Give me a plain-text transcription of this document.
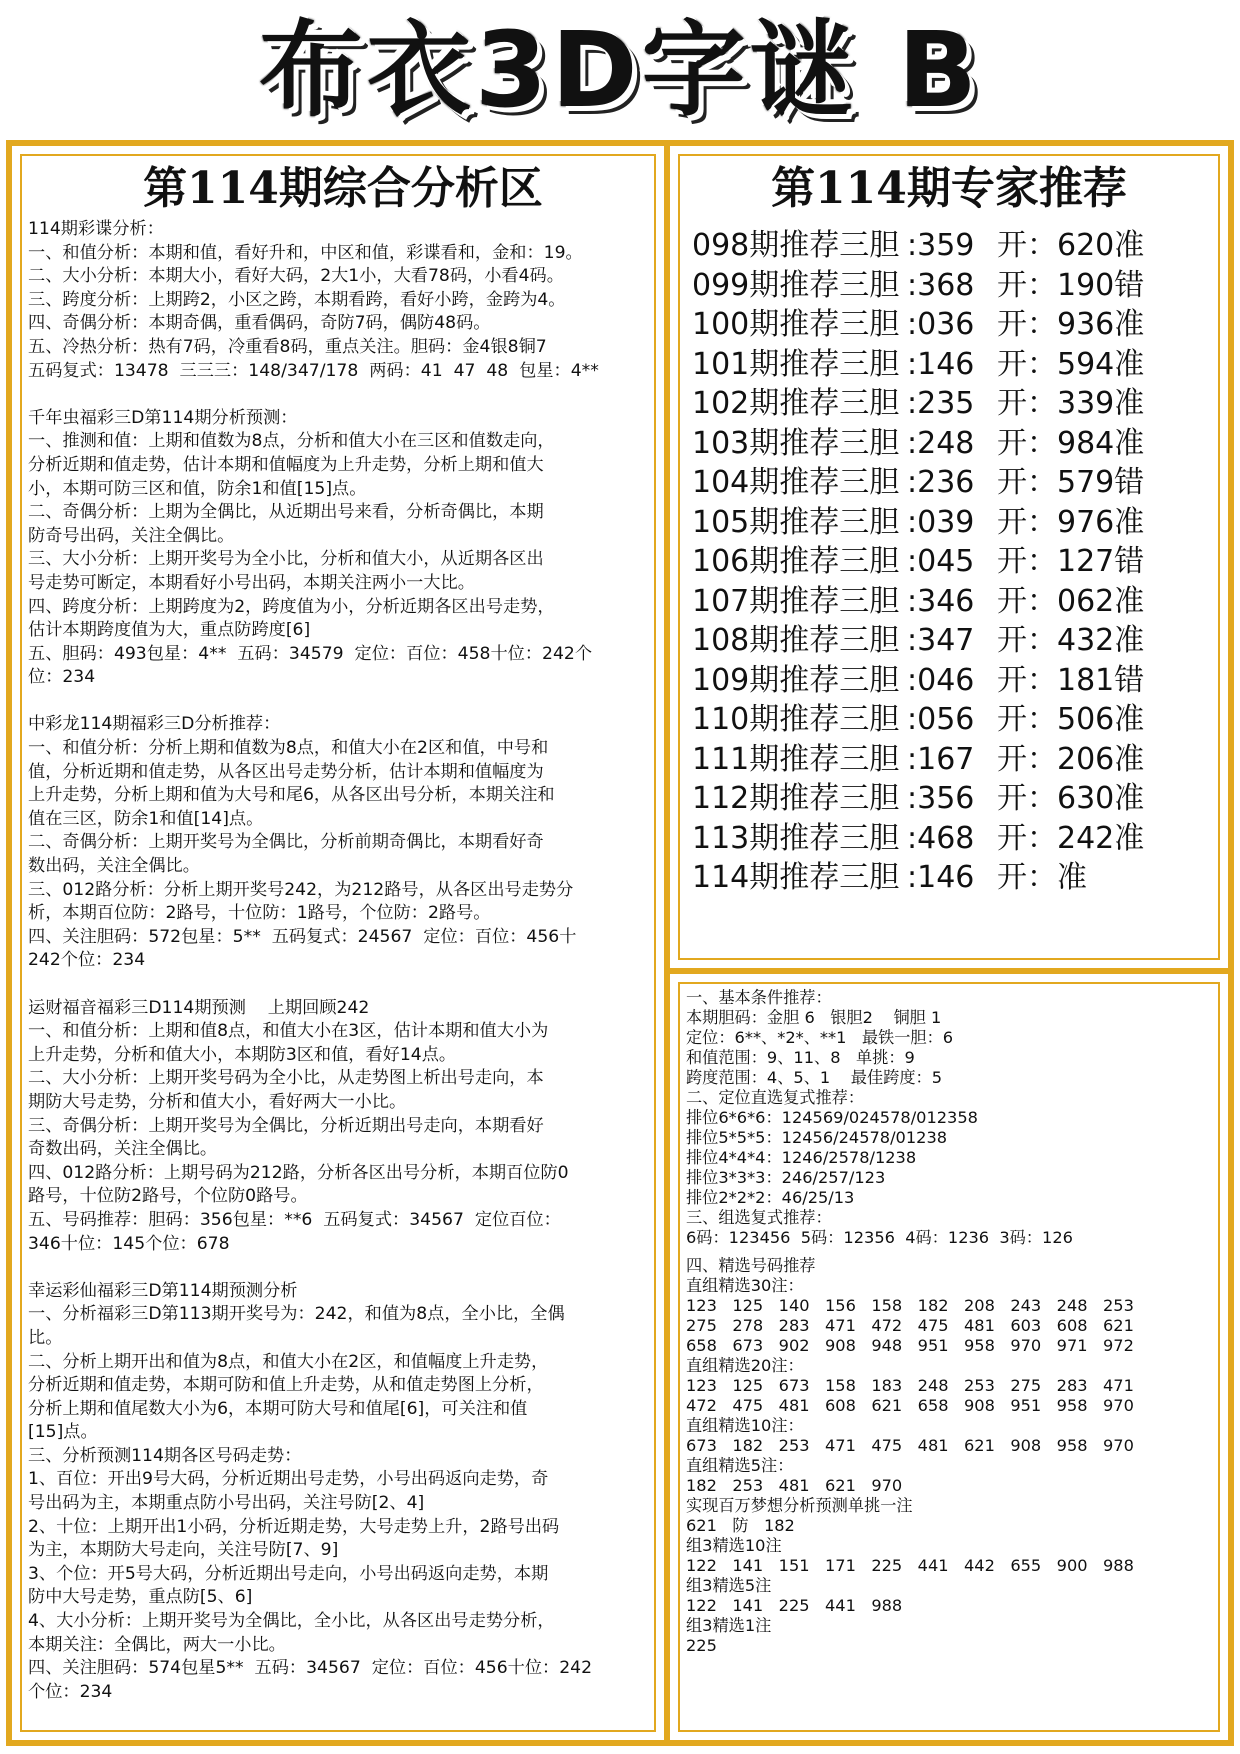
布衣3D字谜 B
第114期综合分析区

114期彩谍分析：

一、和值分析：本期和值，看好升和，中区和值，彩谍看和，金和：19。

二、大小分析：本期大小，看好大码，2大1小，大看78码，小看4码。

三、跨度分析：上期跨2，小区之跨，本期看跨，看好小跨，金跨为4。

四、奇偶分析：本期奇偶，重看偶码，奇防7码，偶防48码。

五、冷热分析：热有7码，冷重看8码，重点关注。胆码：金4银8铜7

五码复式：13478  三三三：148/347/178  两码：41  47  48  包星：4**

千年虫福彩三D第114期分析预测：

一、推测和值：上期和值数为8点，分析和值大小在三区和值数走向，

分析近期和值走势，估计本期和值幅度为上升走势，分析上期和值大

小，本期可防三区和值，防余1和值[15]点。

二、奇偶分析：上期为全偶比，从近期出号来看，分析奇偶比，本期

防奇号出码，关注全偶比。

三、大小分析：上期开奖号为全小比，分析和值大小，从近期各区出

号走势可断定，本期看好小号出码，本期关注两小一大比。

四、跨度分析：上期跨度为2，跨度值为小，分析近期各区出号走势，

估计本期跨度值为大，重点防跨度[6]

五、胆码：493包星：4**  五码：34579  定位：百位：458十位：242个

位：234

中彩龙114期福彩三D分析推荐：

一、和值分析：分析上期和值数为8点，和值大小在2区和值，中号和

值，分析近期和值走势，从各区出号走势分析，估计本期和值幅度为

上升走势，分析上期和值为大号和尾6，从各区出号分析，本期关注和

值在三区，防余1和值[14]点。

二、奇偶分析：上期开奖号为全偶比，分析前期奇偶比，本期看好奇

数出码，关注全偶比。

三、012路分析：分析上期开奖号242，为212路号，从各区出号走势分

析，本期百位防：2路号，十位防：1路号，个位防：2路号。

四、关注胆码：572包星：5**  五码复式：24567  定位：百位：456十

242个位：234

运财福音福彩三D114期预测    上期回顾242

一、和值分析：上期和值8点，和值大小在3区，估计本期和值大小为

上升走势，分析和值大小，本期防3区和值，看好14点。

二、大小分析：上期开奖号码为全小比，从走势图上析出号走向，本

期防大号走势，分析和值大小，看好两大一小比。

三、奇偶分析：上期开奖号为全偶比，分析近期出号走向，本期看好

奇数出码，关注全偶比。

四、012路分析：上期号码为212路，分析各区出号分析，本期百位防0

路号，十位防2路号，个位防0路号。

五、号码推荐：胆码：356包星：**6  五码复式：34567  定位百位：

346十位：145个位：678

幸运彩仙福彩三D第114期预测分析

一、分析福彩三D第113期开奖号为：242，和值为8点，全小比，全偶

比。

二、分析上期开出和值为8点，和值大小在2区，和值幅度上升走势，

分析近期和值走势，本期可防和值上升走势，从和值走势图上分析，

分析上期和值尾数大小为6，本期可防大号和值尾[6]，可关注和值

[15]点。

三、分析预测114期各区号码走势：

1、百位：开出9号大码，分析近期出号走势，小号出码返向走势，奇

号出码为主，本期重点防小号出码，关注号防[2、4]

2、十位：上期开出1小码，分析近期走势，大号走势上升，2路号出码

为主，本期防大号走向，关注号防[7、9]

3、个位：开5号大码，分析近期出号走向，小号出码返向走势，本期

防中大号走势，重点防[5、6]

4、大小分析：上期开奖号为全偶比，全小比，从各区出号走势分析，

本期关注：全偶比，两大一小比。

四、关注胆码：574包星5**  五码：34567  定位：百位：456十位：242

个位：234

第114期专家推荐
098期推荐三胆 :359 开：620准
099期推荐三胆 :368 开：190错
100期推荐三胆 :036 开：936准
101期推荐三胆 :146 开：594准
102期推荐三胆 :235 开：339准
103期推荐三胆 :248 开：984准
104期推荐三胆 :236 开：579错
105期推荐三胆 :039 开：976准
106期推荐三胆 :045 开：127错
107期推荐三胆 :346 开：062准
108期推荐三胆 :347 开：432准
109期推荐三胆 :046 开：181错
110期推荐三胆 :056 开：506准
111期推荐三胆 :167 开：206准
112期推荐三胆 :356 开：630准
113期推荐三胆 :468 开：242准
114期推荐三胆 :146 开：准

一、基本条件推荐：

本期胆码：金胆 6   银胆2    铜胆 1

定位：6**、*2*、**1   最铁一胆：6

和值范围：9、11、8   单挑：9

跨度范围：4、5、1    最佳跨度：5

二、定位直选复式推荐：

排位6*6*6：124569/024578/012358

排位5*5*5：12456/24578/01238

排位4*4*4：1246/2578/1238

排位3*3*3：246/257/123

排位2*2*2：46/25/13

三、组选复式推荐：

6码：123456  5码：12356  4码：1236  3码：126

四、精选号码推荐

直组精选30注：

123   125   140   156   158   182   208   243   248   253

275   278   283   471   472   475   481   603   608   621

658   673   902   908   948   951   958   970   971   972

直组精选20注：

123   125   673   158   183   248   253   275   283   471

472   475   481   608   621   658   908   951   958   970

直组精选10注：

673   182   253   471   475   481   621   908   958   970

直组精选5注：

182   253   481   621   970

实现百万梦想分析预测单挑一注

621   防   182

组3精选10注

122   141   151   171   225   441   442   655   900   988

组3精选5注

122   141   225   441   988

组3精选1注

225
